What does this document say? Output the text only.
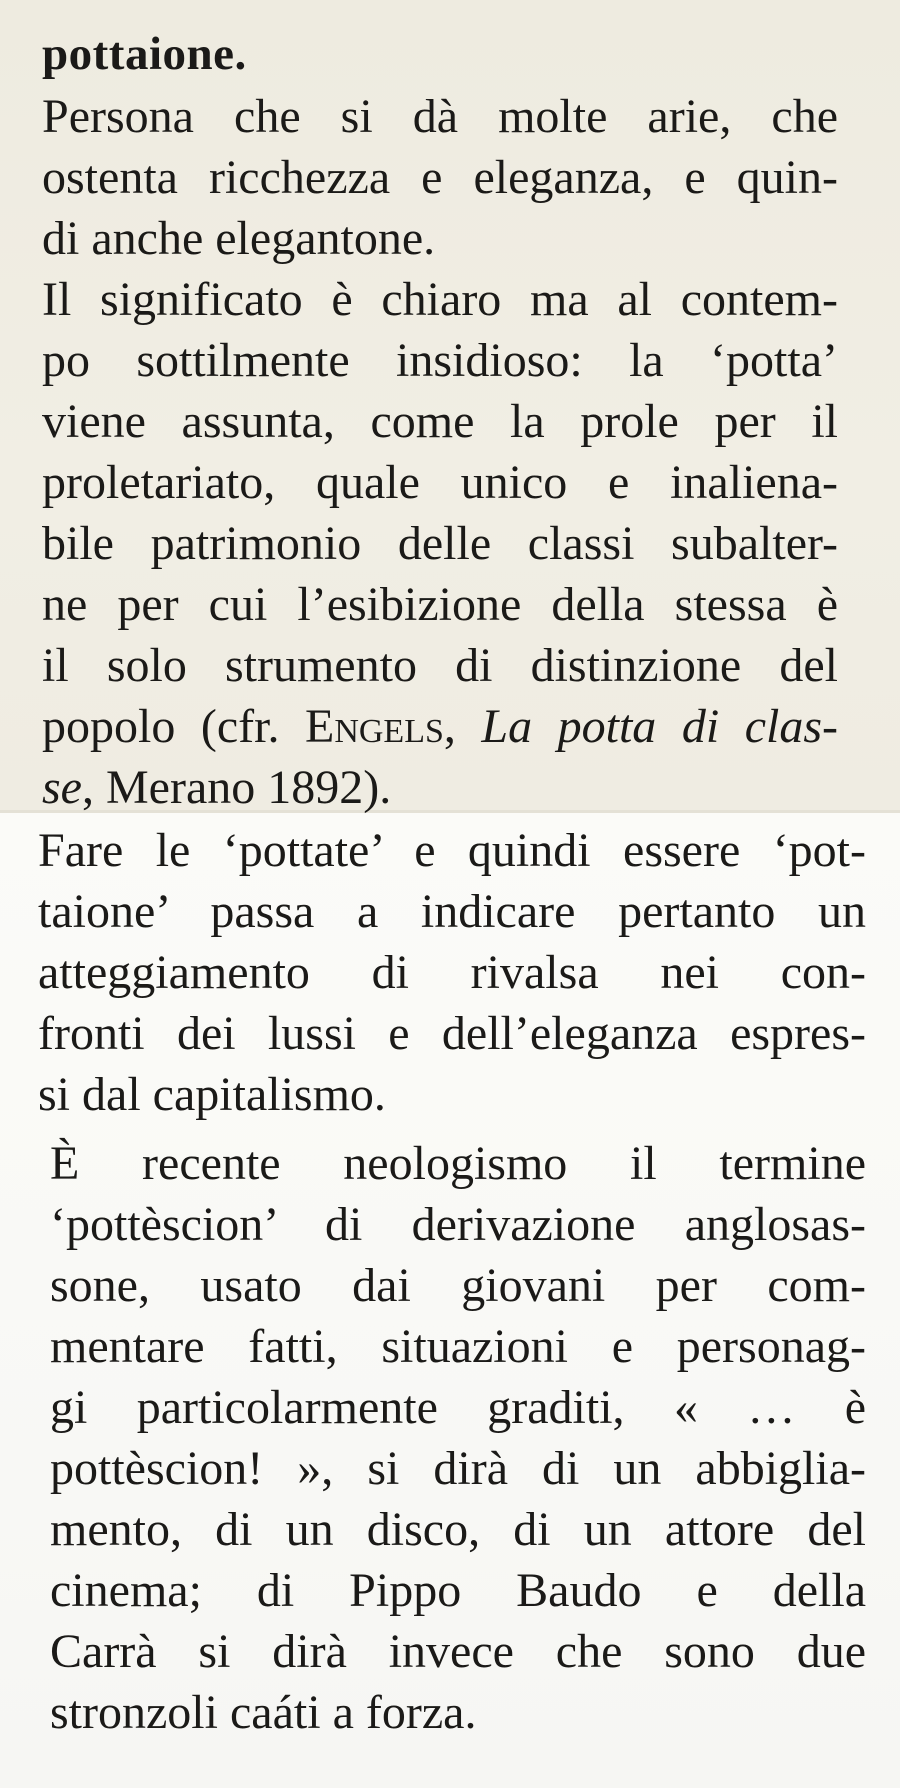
pottaione.

Persona che si dà molte arie, che
ostenta ricchezza e eleganza, e quin-
di anche elegantone.

Il significato è chiaro ma al contem-
po sottilmente insidioso: la ‘potta’
viene assunta, come la prole per il
proletariato, quale unico e inaliena-
bile patrimonio delle classi subalter-
ne per cui l’esibizione della stessa è
il solo strumento di distinzione del
popolo (cfr. Engels, La potta di clas-
se, Merano 1892).

Fare le ‘pottate’ e quindi essere ‘pot-
taione’ passa a indicare pertanto un
atteggiamento di rivalsa nei con-
fronti dei lussi e dell’eleganza espres-
si dal capitalismo.

È recente neologismo il termine
‘pottèscion’ di derivazione anglosas-
sone, usato dai giovani per com-
mentare fatti, situazioni e personag-
gi particolarmente graditi, « … è
pottèscion! », si dirà di un abbiglia-
mento, di un disco, di un attore del
cinema; di Pippo Baudo e della
Carrà si dirà invece che sono due
stronzoli caáti a forza.
